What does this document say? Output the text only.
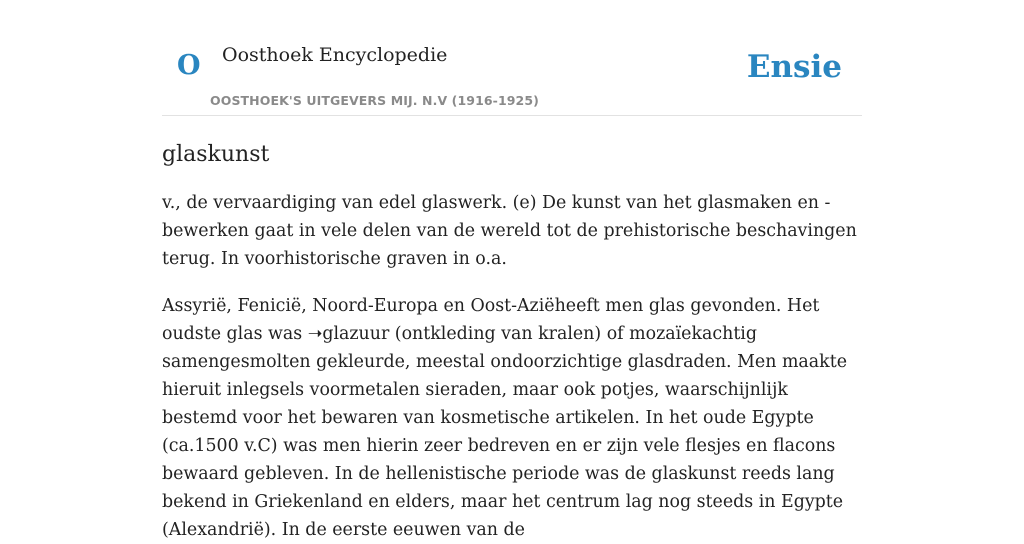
O Oosthoek Encyclopedie
OOSTHOEK'S UITGEVERS MIJ. N.V (1916-1925)
Ensie
glaskunst

v., de vervaardiging van edel glaswerk. (e) De kunst van het glasmaken en -bewerken gaat in vele delen van de wereld tot de prehistorische beschavingen terug. In voorhistorische graven in o.a.

Assyrië, Fenicië, Noord-Europa en Oost-Aziëheeft men glas gevonden. Het oudste glas was ➝glazuur (ontkleding van kralen) of mozaïekachtig samengesmolten gekleurde, meestal ondoorzichtige glasdraden. Men maakte hieruit inlegsels voormetalen sieraden, maar ook potjes, waarschijnlijk bestemd voor het bewaren van kosmetische artikelen. In het oude Egypte (ca.1500 v.C) was men hierin zeer bedreven en er zijn vele flesjes en flacons bewaard gebleven. In de hellenistische periode was de glaskunst reeds lang bekend in Griekenland en elders, maar het centrum lag nog steeds in Egypte (Alexandrië). In de eerste eeuwen van de
